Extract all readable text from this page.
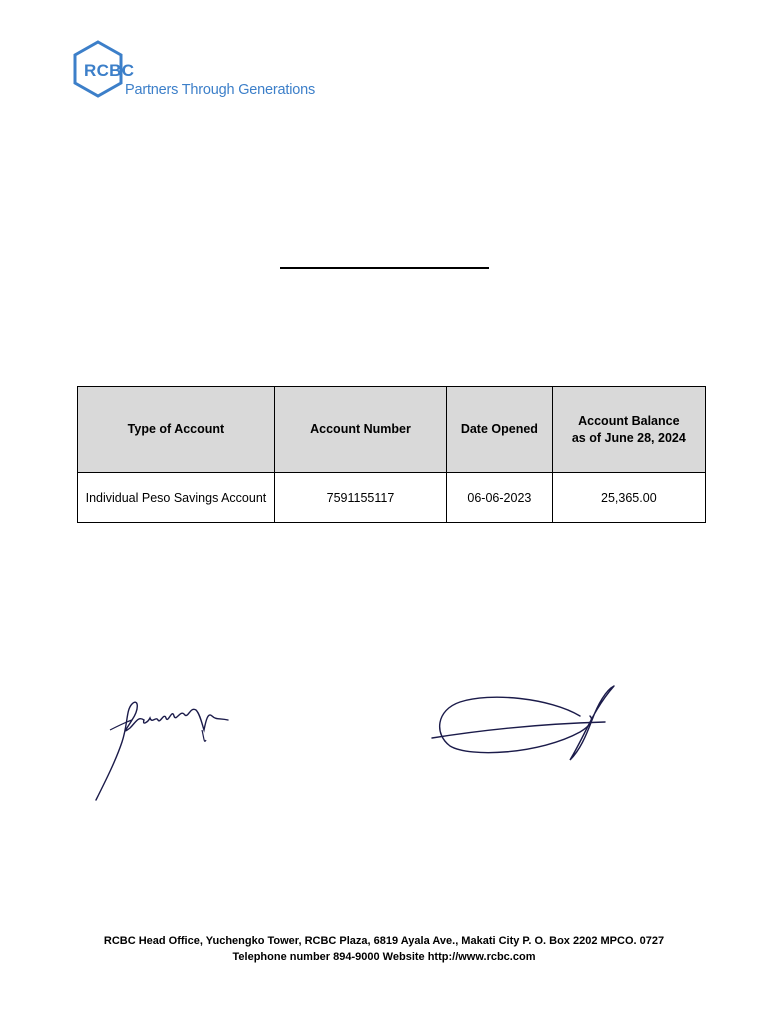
RCBC
Partners Through Generations
Type of Account	Account Number	Date Opened	Account Balance
as of June 28, 2024
Individual Peso Savings Account	7591155117	06-06-2023	25,365.00
RCBC Head Office, Yuchengko Tower, RCBC Plaza, 6819 Ayala Ave., Makati City P. O. Box 2202 MPCO. 0727
Telephone number 894-9000 Website http://www.rcbc.com
